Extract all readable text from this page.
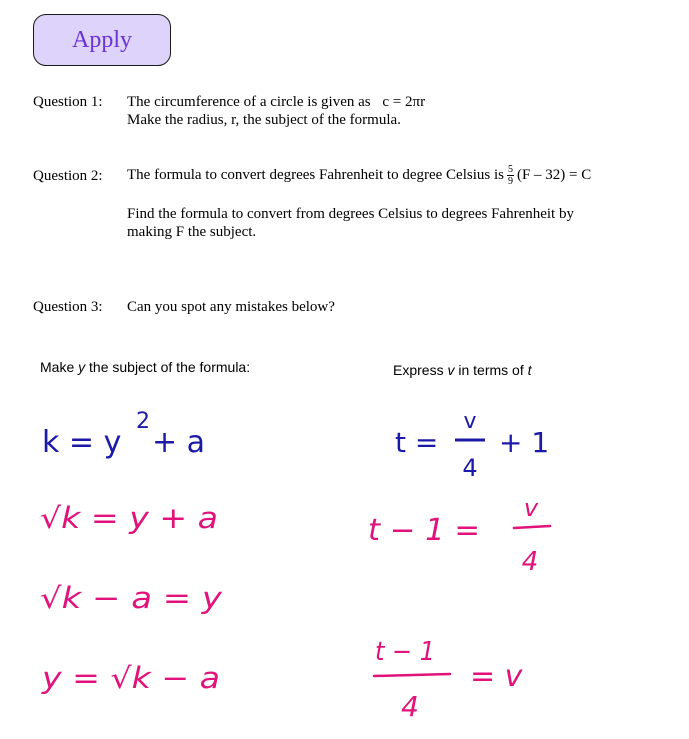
Apply
Question 1: The circumference of a circle is given as c = 2πr
Make the radius, r, the subject of the formula.
Question 2: The formula to convert degrees Fahrenheit to degree Celsius is $\frac{5}{9} (F - 32) = C$
Find the formula to convert from degrees Celsius to degrees Fahrenheit by
making F the subject.
Question 3: Can you spot any mistakes below?
Make y the subject of the formula:	Express v in terms of t
k = y
2
+ a
√k = y + a
√k − a = y
y = √k − a
t =
v
4
+ 1
t − 1 =
v
4
t − 1
4
= v
